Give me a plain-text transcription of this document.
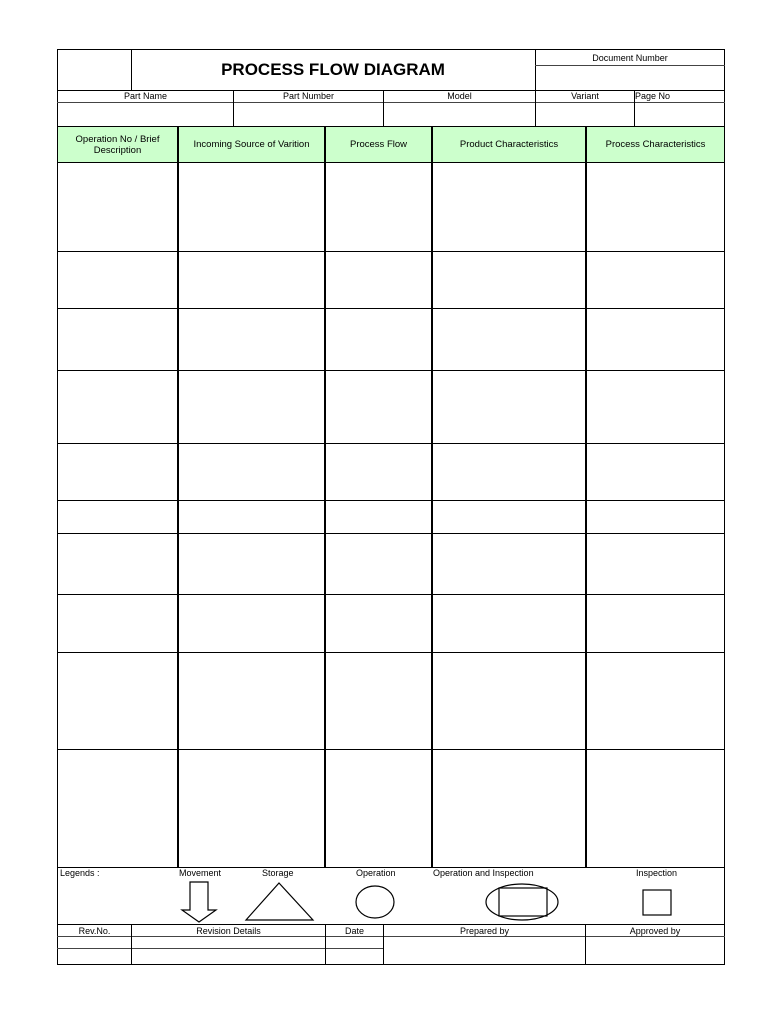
PROCESS FLOW DIAGRAM
Document Number
Part Name	Part Number	Model	Variant	Page No
Operation No / Brief Description	Incoming Source of Varition	Process Flow	Product Characteristics	Process Characteristics
Legends :	Movement	Storage	Operation	Operation and Inspection	Inspection
Rev.No.	Revision Details	Date	Prepared by	Approved by
